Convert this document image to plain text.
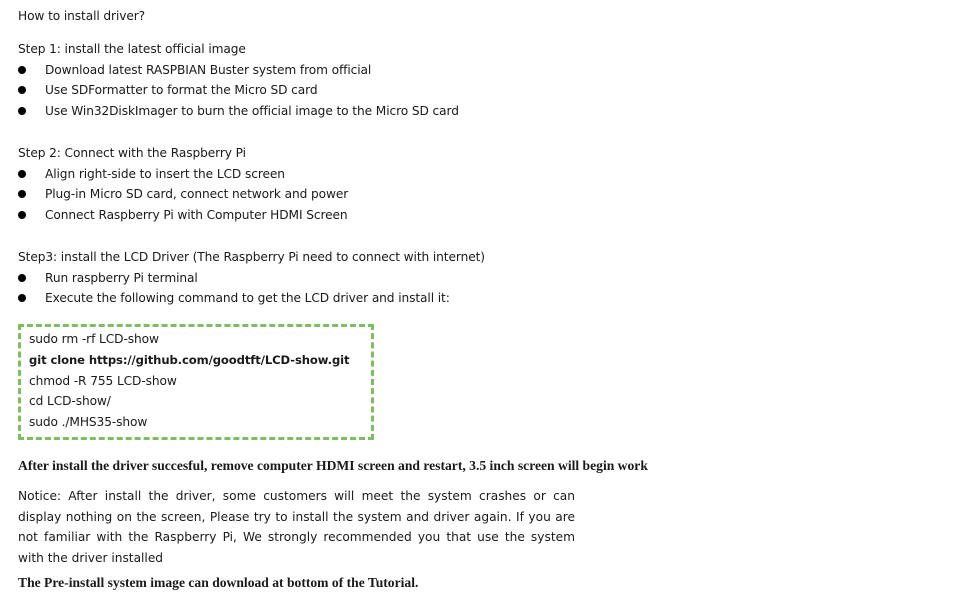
How to install driver?
Step 1: install the latest official image
Download latest RASPBIAN Buster system from official
Use SDFormatter to format the Micro SD card
Use Win32DiskImager to burn the official image to the Micro SD card
Step 2: Connect with the Raspberry Pi
Align right-side to insert the LCD screen
Plug-in Micro SD card, connect network and power
Connect Raspberry Pi with Computer HDMI Screen
Step3: install the LCD Driver (The Raspberry Pi need to connect with internet)
Run raspberry Pi terminal
Execute the following command to get the LCD driver and install it:
sudo rm -rf LCD-show
git clone https://github.com/goodtft/LCD-show.git
chmod -R 755 LCD-show
cd LCD-show/
sudo ./MHS35-show
After install the driver succesful, remove computer HDMI screen and restart, 3.5 inch screen will begin work
Notice: After install the driver, some customers will meet the system crashes or can display nothing on the screen, Please try to install the system and driver again. If you are not familiar with the Raspberry Pi, We strongly recommended you that use the system with the driver installed
The Pre-install system image can download at bottom of the Tutorial.
